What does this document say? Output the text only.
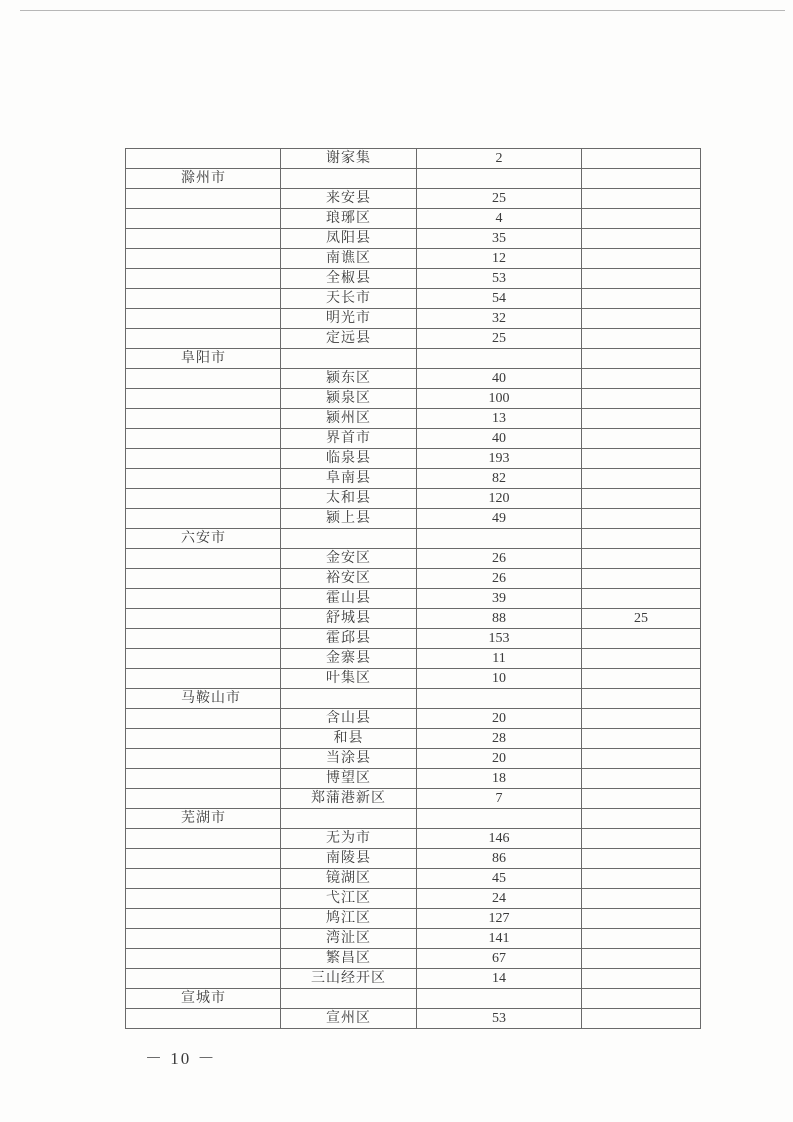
	谢家集	2	
滁州市			
	来安县	25	
	琅琊区	4	
	凤阳县	35	
	南谯区	12	
	全椒县	53	
	天长市	54	
	明光市	32	
	定远县	25	
阜阳市			
	颍东区	40	
	颍泉区	100	
	颍州区	13	
	界首市	40	
	临泉县	193	
	阜南县	82	
	太和县	120	
	颍上县	49	
六安市			
	金安区	26	
	裕安区	26	
	霍山县	39	
	舒城县	88	25
	霍邱县	153	
	金寨县	11	
	叶集区	10	
马鞍山市			
	含山县	20	
	和县	28	
	当涂县	20	
	博望区	18	
	郑蒲港新区	7	
芜湖市			
	无为市	146	
	南陵县	86	
	镜湖区	45	
	弋江区	24	
	鸠江区	127	
	湾沚区	141	
	繁昌区	67	
	三山经开区	14	
宣城市			
	宣州区	53	
－ 10 －
